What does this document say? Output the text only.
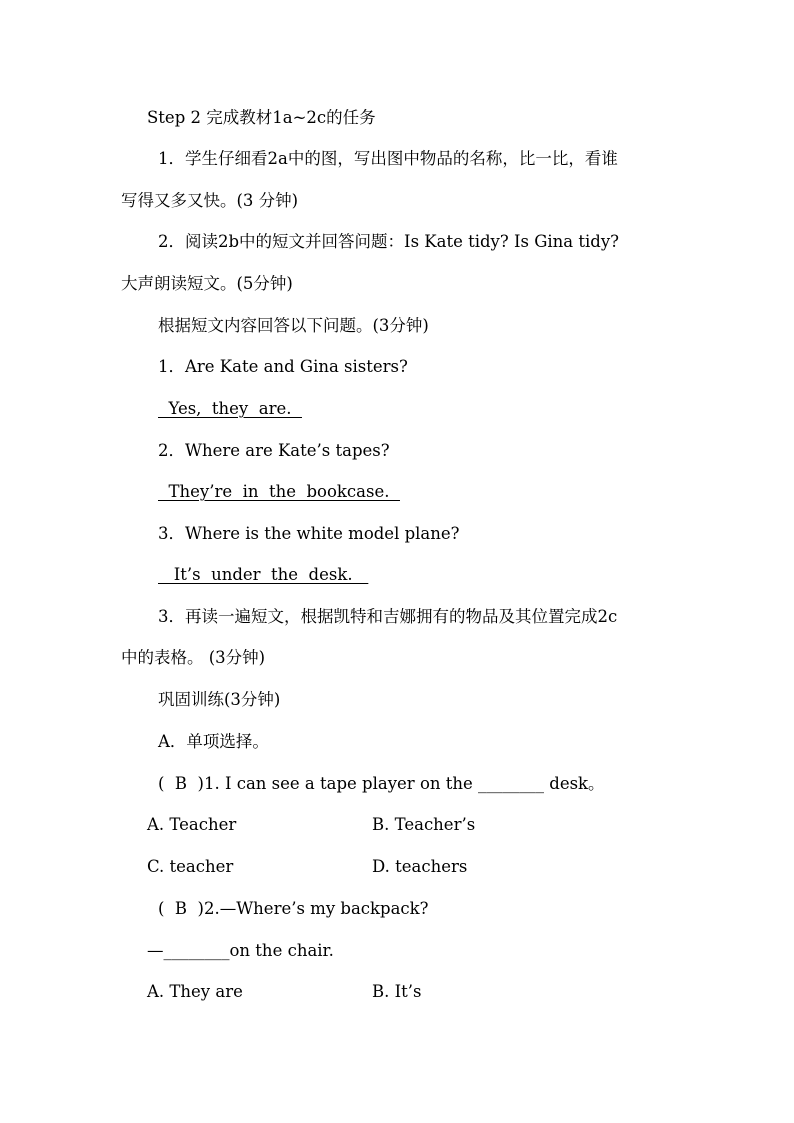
Step 2 完成教材1a~2c的任务
1．学生仔细看2a中的图，写出图中物品的名称，比一比，看谁
写得又多又快。(3 分钟)
2．阅读2b中的短文并回答问题：Is Kate tidy? Is Gina tidy?
大声朗读短文。(5分钟)
根据短文内容回答以下问题。(3分钟)
1．Are Kate and Gina sisters?
Yes,  they  are.
2．Where are Kate’s tapes?
They’re  in  the  bookcase.
3．Where is the white model plane?
It’s  under  the  desk.
3．再读一遍短文，根据凯特和吉娜拥有的物品及其位置完成2c
中的表格。 (3分钟)
巩固训练(3分钟)
A．单项选择。
(  B  )1. I can see a tape player on the ________ desk。
A. Teacher	B. Teacher’s
C. teacher	D. teachers
(  B  )2.—Where’s my backpack?
—________on the chair.
A. They are	B. It’s
